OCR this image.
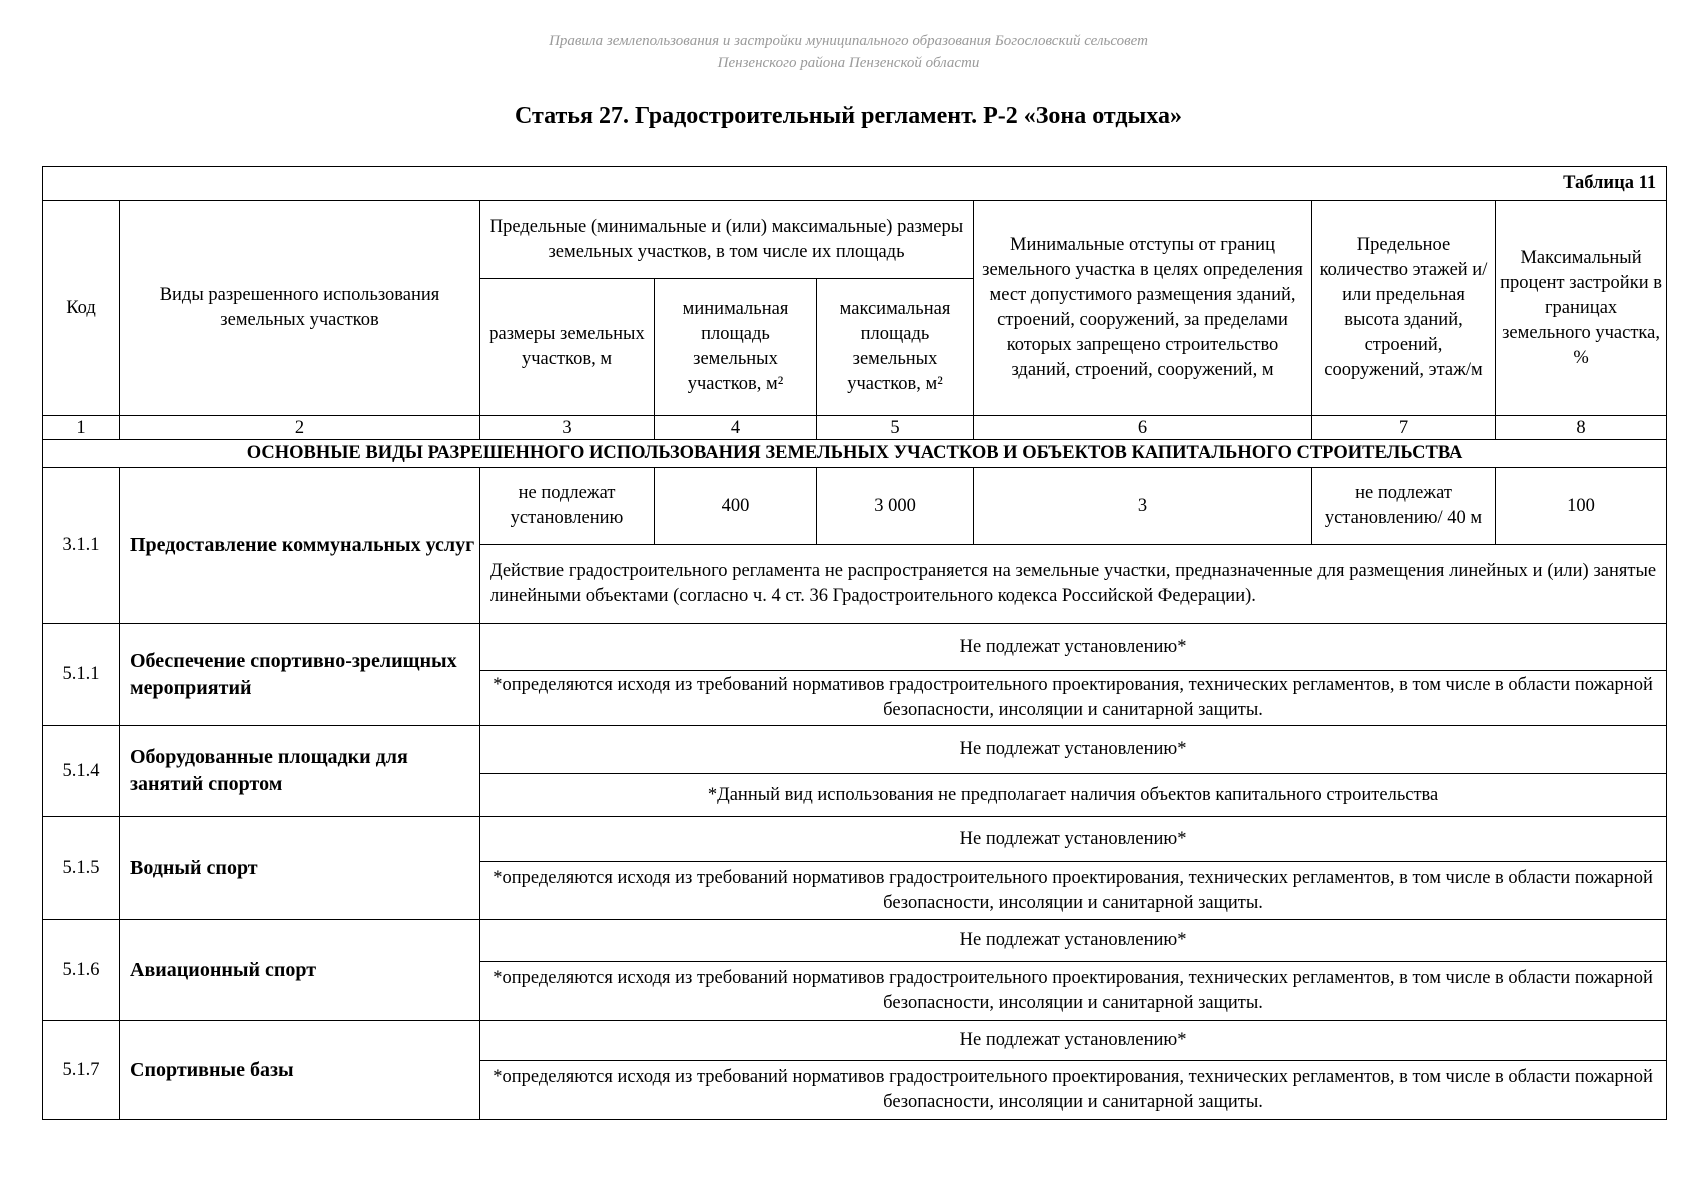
Правила землепользования и застройки муниципального образования Богословский сельсовет
Пензенского района Пензенской области
Статья 27. Градостроительный регламент. Р-2 «Зона отдыха»
Таблица 11							
Код	Виды разрешенного использования земельных участков	Предельные (минимальные и (или) максимальные) размеры земельных участков, в том числе их площадь			Минимальные отступы от границ земельного участка в целях определения мест допустимого размещения зданий, строений, сооружений, за пределами которых запрещено строительство зданий, строений, сооружений, м	Предельное количество этажей и/или предельная высота зданий, строений, сооружений, этаж/м	Максимальный процент застройки в границах земельного участка, %
		размеры земельных участков, м	минимальная площадь земельных участков, м²	максимальная площадь земельных участков, м²			
1	2	3	4	5	6	7	8
ОСНОВНЫЕ ВИДЫ РАЗРЕШЕННОГО ИСПОЛЬЗОВАНИЯ ЗЕМЕЛЬНЫХ УЧАСТКОВ И ОБЪЕКТОВ КАПИТАЛЬНОГО СТРОИТЕЛЬСТВА							
3.1.1	Предоставление коммунальных услуг	не подлежат установлению	400	3 000	3	не подлежат установлению/ 40 м	100
		Действие градостроительного регламента не распространяется на земельные участки, предназначенные для размещения линейных и (или) занятые линейными объектами (согласно ч. 4 ст. 36 Градостроительного кодекса Российской Федерации).					
5.1.1	Обеспечение спортивно-зрелищных мероприятий	Не подлежат установлению*					
		*определяются исходя из требований нормативов градостроительного проектирования, технических регламентов, в том числе в области пожарной безопасности, инсоляции и санитарной защиты.					
5.1.4	Оборудованные площадки для занятий спортом	Не подлежат установлению*					
		*Данный вид использования не предполагает наличия объектов капитального строительства					
5.1.5	Водный спорт	Не подлежат установлению*					
		*определяются исходя из требований нормативов градостроительного проектирования, технических регламентов, в том числе в области пожарной безопасности, инсоляции и санитарной защиты.					
5.1.6	Авиационный спорт	Не подлежат установлению*					
		*определяются исходя из требований нормативов градостроительного проектирования, технических регламентов, в том числе в области пожарной безопасности, инсоляции и санитарной защиты.					
5.1.7	Спортивные базы	Не подлежат установлению*					
		*определяются исходя из требований нормативов градостроительного проектирования, технических регламентов, в том числе в области пожарной безопасности, инсоляции и санитарной защиты.					
